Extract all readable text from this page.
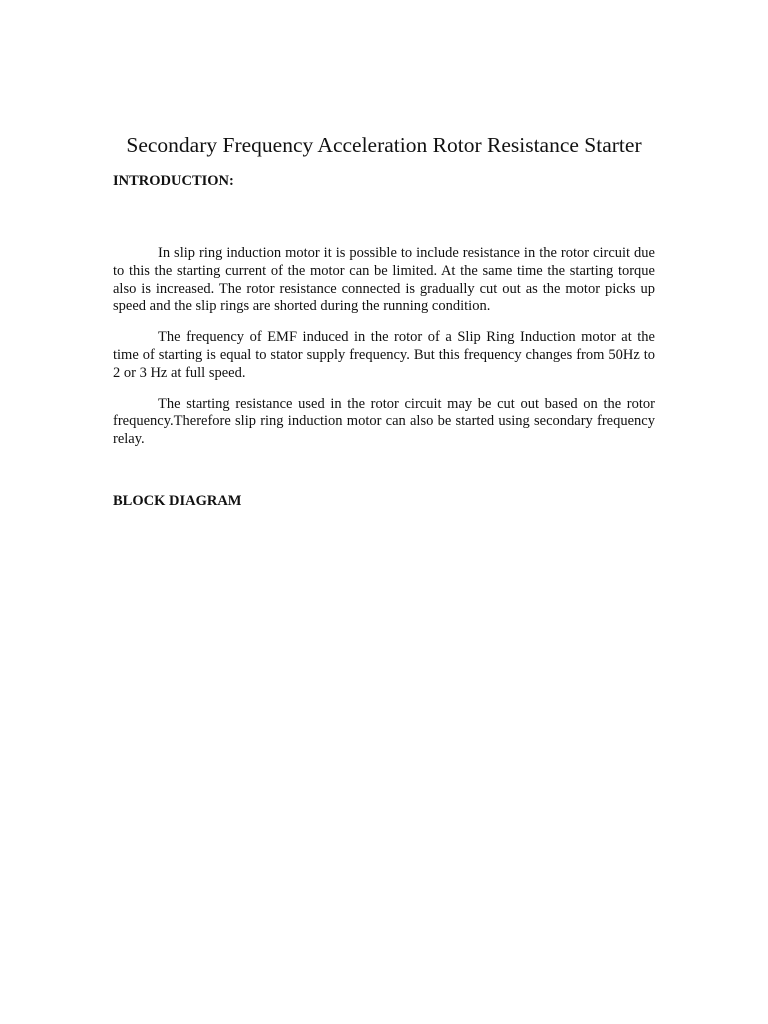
Secondary Frequency Acceleration Rotor Resistance Starter

INTRODUCTION:

In slip ring induction motor it is possible to include resistance in the rotor circuit due to this the starting current of the motor can be limited. At the same time the starting torque also is increased. The rotor resistance connected is gradually cut out as the motor picks up speed and the slip rings are shorted during the running condition.

The frequency of EMF induced in the rotor of a Slip Ring Induction motor at the time of starting is equal to stator supply frequency. But this frequency changes from 50Hz to 2 or 3 Hz at full speed.

The starting resistance used in the rotor circuit may be cut out based on the rotor frequency.Therefore slip ring induction motor can also be started using secondary frequency relay.

BLOCK DIAGRAM
